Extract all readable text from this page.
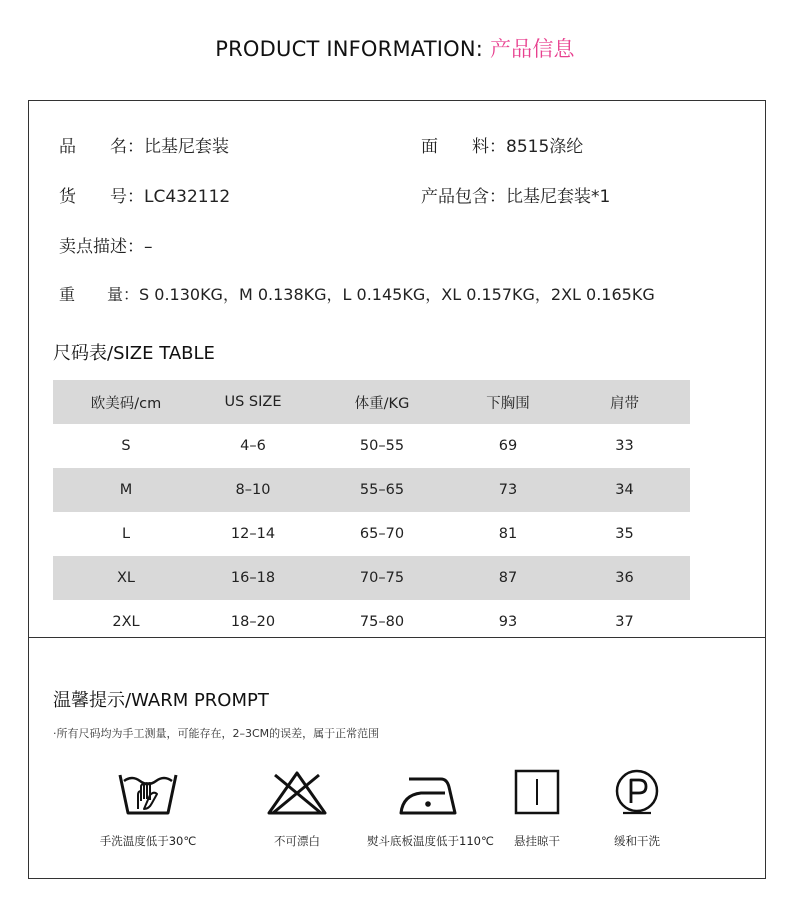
PRODUCT INFORMATION: 产品信息
品　　名：比基尼套装	面　　料：8515涤纶
货　　号：LC432112	产品包含：比基尼套装*1
卖点描述：–
重　　量：S 0.130KG，M 0.138KG，L 0.145KG，XL 0.157KG，2XL 0.165KG
尺码表/SIZE TABLE
欧美码/cm	US SIZE	体重/KG	下胸围	肩带
S	4–6	50–55	69	33
M	8–10	55–65	73	34
L	12–14	65–70	81	35
XL	16–18	70–75	87	36
2XL	18–20	75–80	93	37
温馨提示/WARM PROMPT
·所有尺码均为手工测量，可能存在，2–3CM的误差，属于正常范围
手洗温度低于30℃	不可漂白	熨斗底板温度低于110℃	悬挂晾干	缓和干洗
